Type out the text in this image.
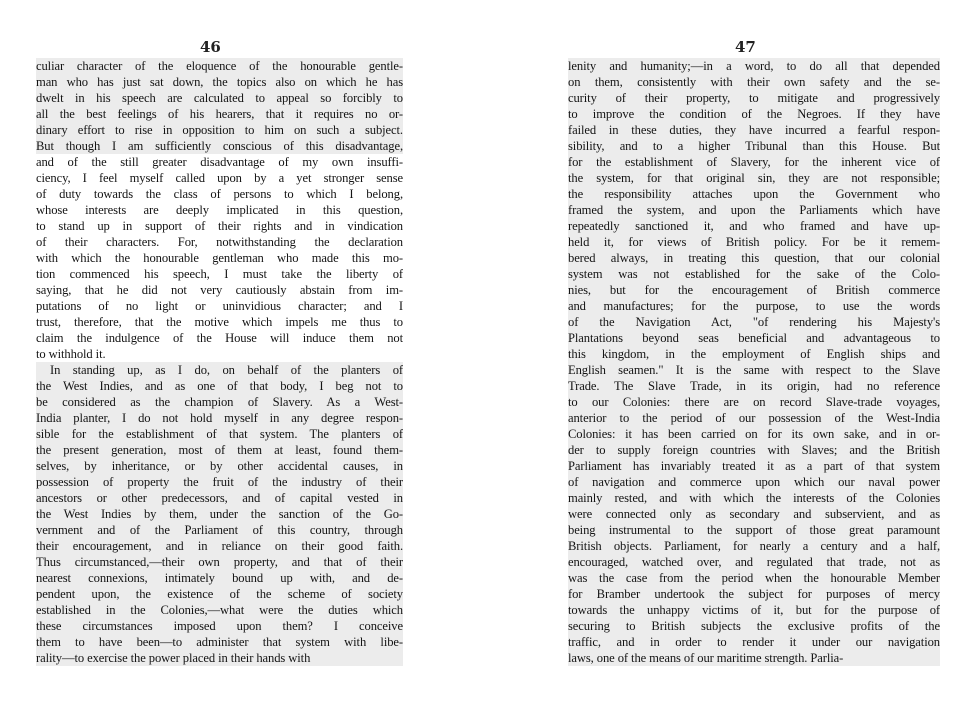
46
culiar character of the eloquence of the honourable gentle-
man who has just sat down, the topics also on which he has
dwelt in his speech are calculated to appeal so forcibly to
all the best feelings of his hearers, that it requires no or-
dinary effort to rise in opposition to him on such a subject.
But though I am sufficiently conscious of this disadvantage,
and of the still greater disadvantage of my own insuffi-
ciency, I feel myself called upon by a yet stronger sense
of duty towards the class of persons to which I belong,
whose interests are deeply implicated in this question,
to stand up in support of their rights and in vindication
of their characters. For, notwithstanding the declaration
with which the honourable gentleman who made this mo-
tion commenced his speech, I must take the liberty of
saying, that he did not very cautiously abstain from im-
putations of no light or uninvidious character; and I
trust, therefore, that the motive which impels me thus to
claim the indulgence of the House will induce them not
to withhold it.
In standing up, as I do, on behalf of the planters of
the West Indies, and as one of that body, I beg not to
be considered as the champion of Slavery. As a West-
India planter, I do not hold myself in any degree respon-
sible for the establishment of that system. The planters of
the present generation, most of them at least, found them-
selves, by inheritance, or by other accidental causes, in
possession of property the fruit of the industry of their
ancestors or other predecessors, and of capital vested in
the West Indies by them, under the sanction of the Go-
vernment and of the Parliament of this country, through
their encouragement, and in reliance on their good faith.
Thus circumstanced,—their own property, and that of their
nearest connexions, intimately bound up with, and de-
pendent upon, the existence of the scheme of society
established in the Colonies,—what were the duties which
these circumstances imposed upon them? I conceive
them to have been—to administer that system with libe-
rality—to exercise the power placed in their hands with
47
lenity and humanity;—in a word, to do all that depended
on them, consistently with their own safety and the se-
curity of their property, to mitigate and progressively
to improve the condition of the Negroes. If they have
failed in these duties, they have incurred a fearful respon-
sibility, and to a higher Tribunal than this House. But
for the establishment of Slavery, for the inherent vice of
the system, for that original sin, they are not responsible;
the responsibility attaches upon the Government who
framed the system, and upon the Parliaments which have
repeatedly sanctioned it, and who framed and have up-
held it, for views of British policy. For be it remem-
bered always, in treating this question, that our colonial
system was not established for the sake of the Colo-
nies, but for the encouragement of British commerce
and manufactures; for the purpose, to use the words
of the Navigation Act, "of rendering his Majesty's
Plantations beyond seas beneficial and advantageous to
this kingdom, in the employment of English ships and
English seamen." It is the same with respect to the Slave
Trade. The Slave Trade, in its origin, had no reference
to our Colonies: there are on record Slave-trade voyages,
anterior to the period of our possession of the West-India
Colonies: it has been carried on for its own sake, and in or-
der to supply foreign countries with Slaves; and the British
Parliament has invariably treated it as a part of that system
of navigation and commerce upon which our naval power
mainly rested, and with which the interests of the Colonies
were connected only as secondary and subservient, and as
being instrumental to the support of those great paramount
British objects. Parliament, for nearly a century and a half,
encouraged, watched over, and regulated that trade, not as
was the case from the period when the honourable Member
for Bramber undertook the subject for purposes of mercy
towards the unhappy victims of it, but for the purpose of
securing to British subjects the exclusive profits of the
traffic, and in order to render it under our navigation
laws, one of the means of our maritime strength. Parlia-
